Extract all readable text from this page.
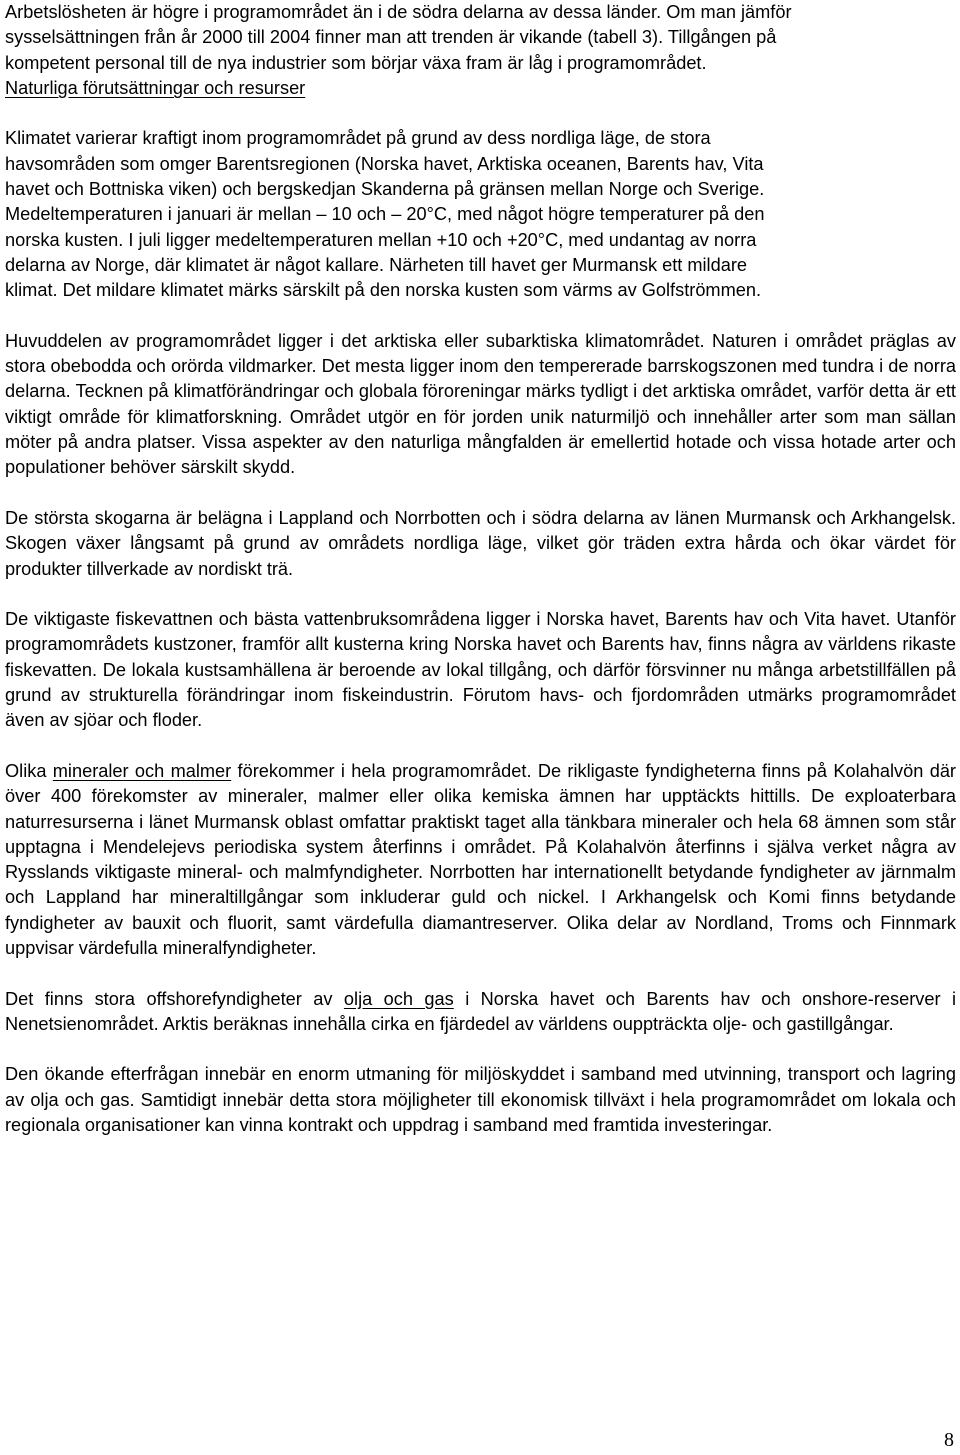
Arbetslösheten är högre i programområdet än i de södra delarna av dessa länder. Om man jämför
sysselsättningen från år 2000 till 2004 finner man att trenden är vikande (tabell 3). Tillgången på
kompetent personal till de nya industrier som börjar växa fram är låg i programområdet.

Naturliga förutsättningar och resurser

Klimatet varierar kraftigt inom programområdet på grund av dess nordliga läge, de stora
havsområden som omger Barentsregionen (Norska havet, Arktiska oceanen, Barents hav, Vita
havet och Bottniska viken) och bergskedjan Skanderna på gränsen mellan Norge och Sverige.
Medeltemperaturen i januari är mellan – 10 och – 20°C, med något högre temperaturer på den
norska kusten. I juli ligger medeltemperaturen mellan +10 och +20°C, med undantag av norra
delarna av Norge, där klimatet är något kallare. Närheten till havet ger Murmansk ett mildare
klimat. Det mildare klimatet märks särskilt på den norska kusten som värms av Golfströmmen.

Huvuddelen av programområdet ligger i det arktiska eller subarktiska klimatområdet. Naturen i området präglas av stora obebodda och orörda vildmarker. Det mesta ligger inom den tempererade barrskogszonen med tundra i de norra delarna. Tecknen på klimatförändringar och globala föroreningar märks tydligt i det arktiska området, varför detta är ett viktigt område för klimatforskning. Området utgör en för jorden unik naturmiljö och innehåller arter som man sällan möter på andra platser. Vissa aspekter av den naturliga mångfalden är emellertid hotade och vissa hotade arter och populationer behöver särskilt skydd.

De största skogarna är belägna i Lappland och Norrbotten och i södra delarna av länen Murmansk och Arkhangelsk. Skogen växer långsamt på grund av områdets nordliga läge, vilket gör träden extra hårda och ökar värdet för produkter tillverkade av nordiskt trä.

De viktigaste fiskevattnen och bästa vattenbruksområdena ligger i Norska havet, Barents hav och Vita havet. Utanför programområdets kustzoner, framför allt kusterna kring Norska havet och Barents hav, finns några av världens rikaste fiskevatten. De lokala kustsamhällena är beroende av lokal tillgång, och därför försvinner nu många arbetstillfällen på grund av strukturella förändringar inom fiskeindustrin. Förutom havs- och fjordområden utmärks programområdet även av sjöar och floder.

Olika mineraler och malmer förekommer i hela programområdet. De rikligaste fyndigheterna finns på Kolahalvön där över 400 förekomster av mineraler, malmer eller olika kemiska ämnen har upptäckts hittills. De exploaterbara naturresurserna i länet Murmansk oblast omfattar praktiskt taget alla tänkbara mineraler och hela 68 ämnen som står upptagna i Mendelejevs periodiska system återfinns i området. På Kolahalvön återfinns i själva verket några av Rysslands viktigaste mineral- och malmfyndigheter. Norrbotten har internationellt betydande fyndigheter av järnmalm och Lappland har mineraltillgångar som inkluderar guld och nickel. I Arkhangelsk och Komi finns betydande fyndigheter av bauxit och fluorit, samt värdefulla diamantreserver. Olika delar av Nordland, Troms och Finnmark uppvisar värdefulla mineralfyndigheter.

Det finns stora offshorefyndigheter av olja och gas i Norska havet och Barents hav och onshore-reserver i Nenetsienområdet. Arktis beräknas innehålla cirka en fjärdedel av världens ouppträckta olje- och gastillgångar.

Den ökande efterfrågan innebär en enorm utmaning för miljöskyddet i samband med utvinning, transport och lagring av olja och gas. Samtidigt innebär detta stora möjligheter till ekonomisk tillväxt i hela programområdet om lokala och regionala organisationer kan vinna kontrakt och uppdrag i samband med framtida investeringar.

8
